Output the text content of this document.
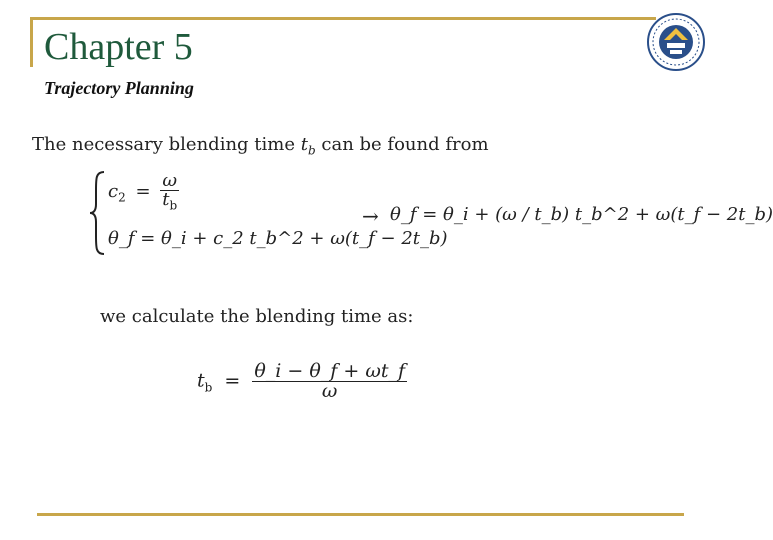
Chapter 5
Trajectory Planning
The necessary blending time $t_b$ can be found from
$c_2 = \frac{\omega}{t_b}$
θ_f = θ_i + c_2 t_b^2 + ω(t_f − 2t_b)
→ θ_f = θ_i + (ω / t_b) t_b^2 + ω(t_f − 2t_b)
we calculate the blending time as:
$t_b = \frac{\theta\_i - \theta\_f + \omega t\_f}{\omega}$
